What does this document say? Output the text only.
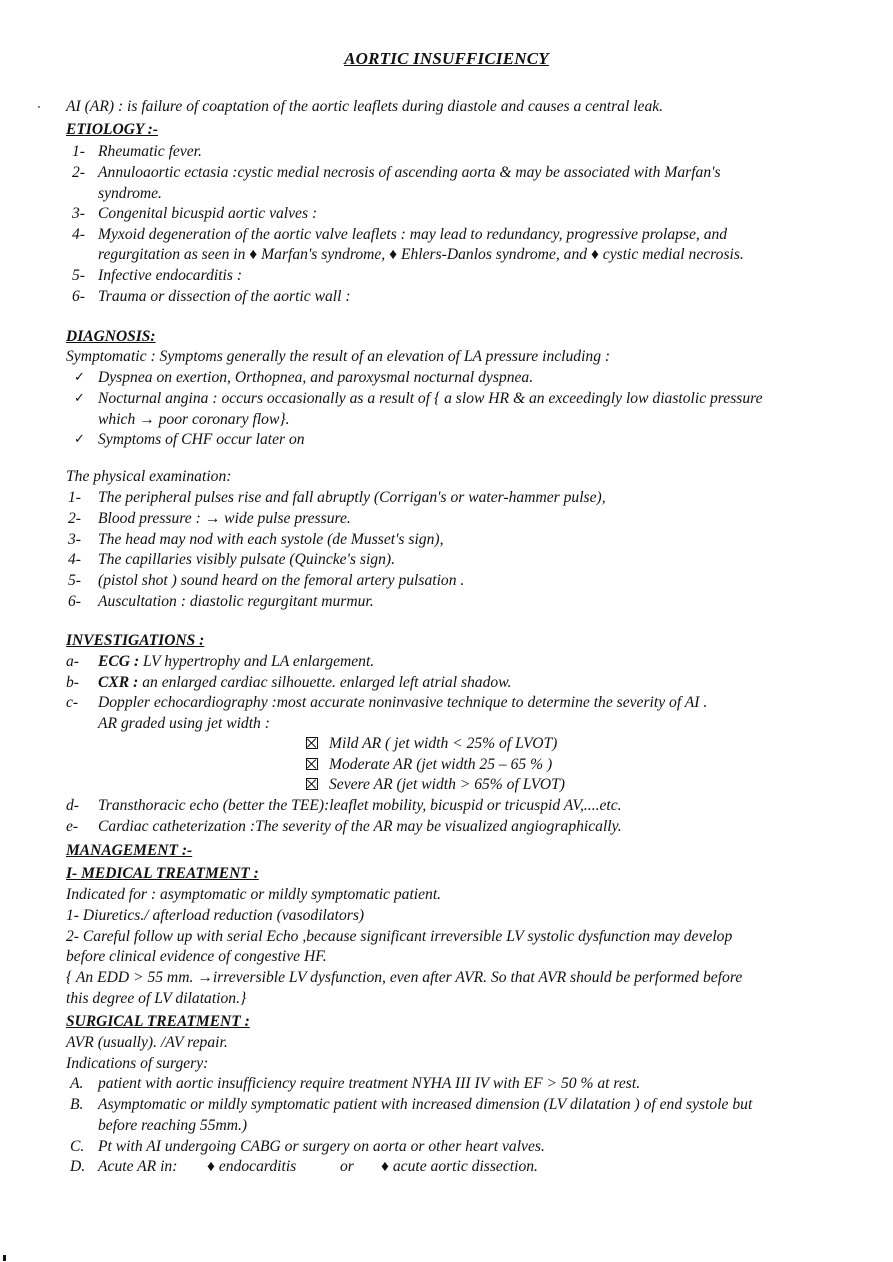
AORTIC INSUFFICIENCY
AI (AR) : is failure of coaptation of the aortic leaflets during diastole and causes a central leak.
ETIOLOGY :-
1- Rheumatic fever.
2- Annuloaortic ectasia :cystic medial necrosis of ascending aorta & may be associated with Marfan's
syndrome.
3- Congenital bicuspid aortic valves :
4- Myxoid degeneration of the aortic valve leaflets : may lead to redundancy, progressive prolapse, and
regurgitation as seen in ♦ Marfan's syndrome, ♦ Ehlers-Danlos syndrome, and ♦ cystic medial necrosis.
5- Infective endocarditis :
6- Trauma or dissection of the aortic wall :
DIAGNOSIS:
Symptomatic : Symptoms generally the result of an elevation of LA pressure including :
✓ Dyspnea on exertion, Orthopnea, and paroxysmal nocturnal dyspnea.
✓ Nocturnal angina : occurs occasionally as a result of { a slow HR & an exceedingly low diastolic pressure
which → poor coronary flow}.
✓ Symptoms of CHF occur later on
The physical examination:
1- The peripheral pulses rise and fall abruptly (Corrigan's or water-hammer pulse),
2- Blood pressure : → wide pulse pressure.
3- The head may nod with each systole (de Musset's sign),
4- The capillaries visibly pulsate (Quincke's sign).
5- (pistol shot ) sound heard on the femoral artery pulsation .
6- Auscultation : diastolic regurgitant murmur.
INVESTIGATIONS :
a- ECG : LV hypertrophy and LA enlargement.
b- CXR : an enlarged cardiac silhouette. enlarged left atrial shadow.
c- Doppler echocardiography :most accurate noninvasive technique to determine the severity of AI .
AR graded using jet width :
Mild AR ( jet width < 25% of LVOT)
Moderate AR (jet width 25 – 65 % )
Severe AR (jet width > 65% of LVOT)
d- Transthoracic echo (better the TEE):leaflet mobility, bicuspid or tricuspid AV,....etc.
e- Cardiac catheterization :The severity of the AR may be visualized angiographically.
MANAGEMENT :-
I- MEDICAL TREATMENT :
Indicated for : asymptomatic or mildly symptomatic patient.
1- Diuretics./ afterload reduction (vasodilators)
2- Careful follow up with serial Echo ,because significant irreversible LV systolic dysfunction may develop
before clinical evidence of congestive HF.
{ An EDD > 55 mm. →irreversible LV dysfunction, even after AVR. So that AVR should be performed before
this degree of LV dilatation.}
SURGICAL TREATMENT :
AVR (usually). /AV repair.
Indications of surgery:
A. patient with aortic insufficiency require treatment NYHA III IV with EF > 50 % at rest.
B. Asymptomatic or mildly symptomatic patient with increased dimension (LV dilatation ) of end systole but
before reaching 55mm.)
C. Pt with AI undergoing CABG or surgery on aorta or other heart valves.
D. Acute AR in: ♦ endocarditis	or ♦ acute aortic dissection.
